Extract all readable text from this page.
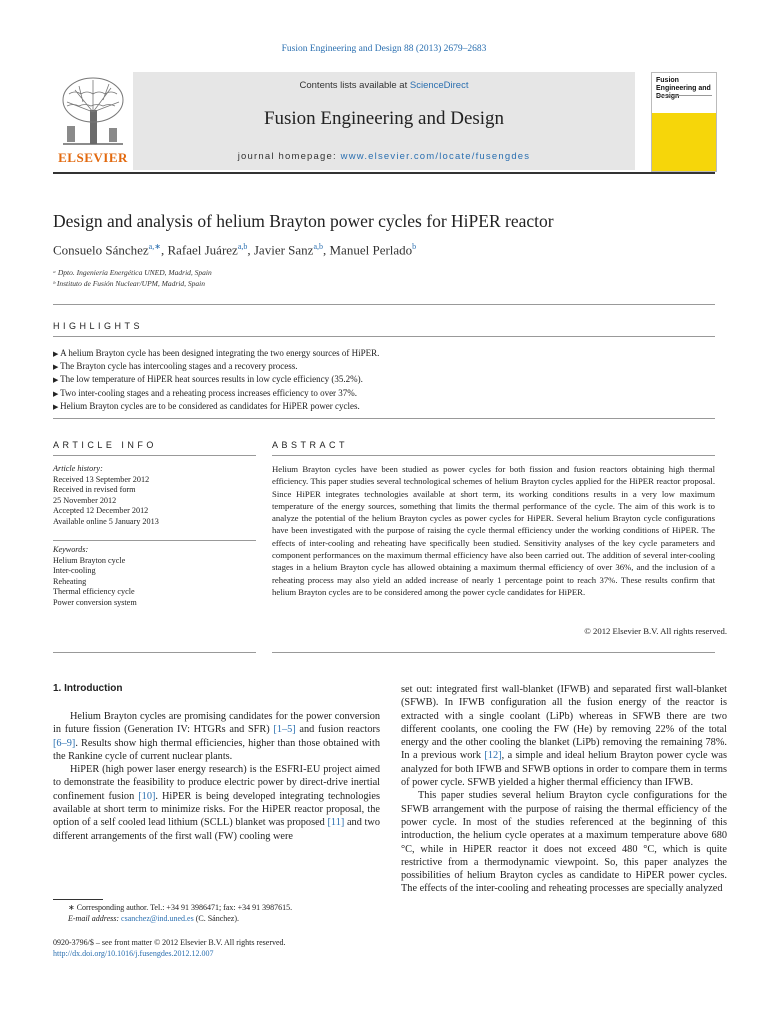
Fusion Engineering and Design 88 (2013) 2679–2683
ELSEVIER
Contents lists available at ScienceDirect
Fusion Engineering and Design
journal homepage: www.elsevier.com/locate/fusengdes
Fusion Engineering and Design
Design and analysis of helium Brayton power cycles for HiPER reactor
Consuelo Sánchez$^{a,∗}$, Rafael Juárez$^{a,b}$, Javier Sanz$^{a,b}$, Manuel Perlado$^b$
ᵃ Dpto. Ingeniería Energética UNED, Madrid, Spain
ᵇ Instituto de Fusión Nuclear/UPM, Madrid, Spain
HIGHLIGHTS
▶ A helium Brayton cycle has been designed integrating the two energy sources of HiPER.
▶ The Brayton cycle has intercooling stages and a recovery process.
▶ The low temperature of HiPER heat sources results in low cycle efficiency (35.2%).
▶ Two inter-cooling stages and a reheating process increases efficiency to over 37%.
▶ Helium Brayton cycles are to be considered as candidates for HiPER power cycles.
ARTICLE INFO	ABSTRACT
Article history:
Received 13 September 2012
Received in revised form
25 November 2012
Accepted 12 December 2012
Available online 5 January 2013
Keywords:
Helium Brayton cycle
Inter-cooling
Reheating
Thermal efficiency cycle
Power conversion system
Helium Brayton cycles have been studied as power cycles for both fission and fusion reactors obtaining high thermal efficiency. This paper studies several technological schemes of helium Brayton cycles applied for the HiPER reactor proposal. Since HiPER integrates technologies available at short term, its working conditions results in a very low maximum temperature of the energy sources, something that limits the thermal performance of the cycle. The aim of this work is to analyze the potential of the helium Brayton cycles as power cycles for HiPER. Several helium Brayton cycle configurations have been investigated with the purpose of raising the cycle thermal efficiency under the working conditions of HiPER. The effects of inter-cooling and reheating have specifically been studied. Sensitivity analyses of the key cycle parameters and component performances on the maximum thermal efficiency have also been carried out. The addition of several inter-cooling stages in a helium Brayton cycle has allowed obtaining a maximum thermal efficiency of over 36%, and the inclusion of a reheating process may also yield an added increase of nearly 1 percentage point to reach 37%. These results confirm that helium Brayton cycles are to be considered among the power cycle candidates for HiPER.
© 2012 Elsevier B.V. All rights reserved.
1. Introduction

Helium Brayton cycles are promising candidates for the power conversion in future fission (Generation IV: HTGRs and SFR) [1–5] and fusion reactors [6–9]. Results show high thermal efficiencies, higher than those obtained with the Rankine cycle of current nuclear plants.

HiPER (high power laser energy research) is the ESFRI-EU project aimed to demonstrate the feasibility to produce electric power by direct-drive inertial confinement fusion [10]. HiPER is being developed integrating technologies available at short term to minimize risks. For the HiPER reactor proposal, the option of a self cooled lead lithium (SCLL) blanket was proposed [11] and two different arrangements of the first wall (FW) cooling were

set out: integrated first wall-blanket (IFWB) and separated first wall-blanket (SFWB). In IFWB configuration all the fusion energy of the reactor is extracted with a single coolant (LiPb) whereas in SFWB there are two different coolants, one cooling the FW (He) by removing 22% of the total energy and the other cooling the blanket (LiPb) removing the remaining 78%. In a previous work [12], a simple and ideal helium Brayton power cycle was analyzed for both IFWB and SFWB options in order to compare them in terms of power cycle. SFWB yielded a higher thermal efficiency than IFWB.

This paper studies several helium Brayton cycle configurations for the SFWB arrangement with the purpose of raising the thermal efficiency of the power cycle. In most of the studies referenced at the beginning of this introduction, the helium cycle operates at a maximum temperature above 680 °C, while in HiPER reactor it does not exceed 480 °C, which is quite restrictive from a thermodynamic viewpoint. So, this paper analyzes the possibilities of helium Brayton cycles as candidate to HiPER power cycles. The effects of the inter-cooling and reheating processes are specially analyzed

∗ Corresponding author. Tel.: +34 91 3986471; fax: +34 91 3987615.
E-mail address: csanchez@ind.uned.es (C. Sánchez).
0920-3796/$ – see front matter © 2012 Elsevier B.V. All rights reserved.
http://dx.doi.org/10.1016/j.fusengdes.2012.12.007
